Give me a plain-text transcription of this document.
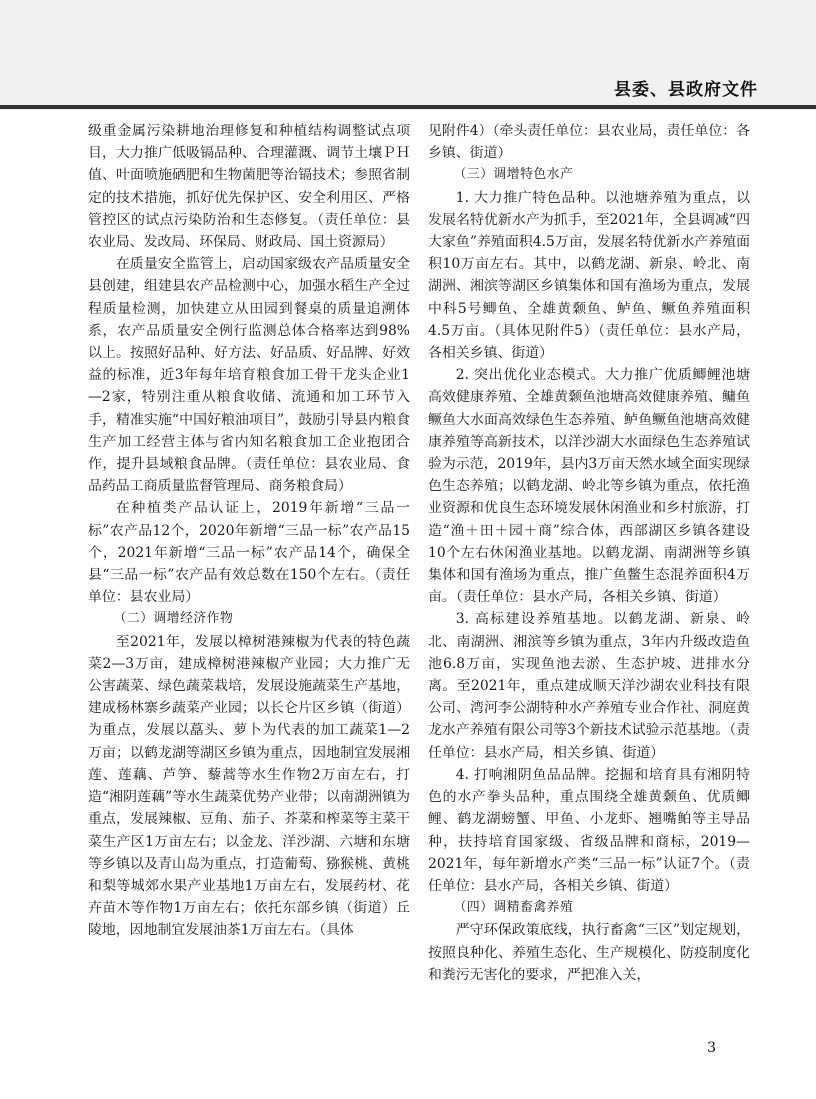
县委、县政府文件

级重金属污染耕地治理修复和种植结构调整试点项目，大力推广低吸镉品种、合理灌溉、调节土壤ＰＨ值、叶面喷施硒肥和生物菌肥等治镉技术；参照省制定的技术措施，抓好优先保护区、安全利用区、严格管控区的试点污染防治和生态修复。（责任单位：县农业局、发改局、环保局、财政局、国土资源局）

在质量安全监管上，启动国家级农产品质量安全县创建，组建县农产品检测中心，加强水稻生产全过程质量检测，加快建立从田园到餐桌的质量追溯体系，农产品质量安全例行监测总体合格率达到98%以上。按照好品种、好方法、好品质、好品牌、好效益的标准，近3年每年培育粮食加工骨干龙头企业1—2家，特别注重从粮食收储、流通和加工环节入手，精准实施“中国好粮油项目”，鼓励引导县内粮食生产加工经营主体与省内知名粮食加工企业抱团合作，提升县域粮食品牌。（责任单位：县农业局、食品药品工商质量监督管理局、商务粮食局）

在种植类产品认证上，2019年新增“三品一标”农产品12个，2020年新增“三品一标”农产品15个，2021年新增“三品一标”农产品14个，确保全县“三品一标”农产品有效总数在150个左右。（责任单位：县农业局）

（二）调增经济作物

至2021年，发展以樟树港辣椒为代表的特色蔬菜2—3万亩，建成樟树港辣椒产业园；大力推广无公害蔬菜、绿色蔬菜栽培，发展设施蔬菜生产基地，建成杨林寨乡蔬菜产业园；以长仑片区乡镇（街道）为重点，发展以藠头、萝卜为代表的加工蔬菜1—2万亩；以鹤龙湖等湖区乡镇为重点，因地制宜发展湘莲、莲藕、芦笋、藜蒿等水生作物2万亩左右，打造“湘阴莲藕”等水生蔬菜优势产业带；以南湖洲镇为重点，发展辣椒、豆角、茄子、芥菜和榨菜等主菜干菜生产区1万亩左右；以金龙、洋沙湖、六塘和东塘等乡镇以及青山岛为重点，打造葡萄、猕猴桃、黄桃和梨等城郊水果产业基地1万亩左右，发展药材、花卉苗木等作物1万亩左右；依托东部乡镇（街道）丘陵地，因地制宜发展油茶1万亩左右。（具体

见附件4）（牵头责任单位：县农业局，责任单位：各乡镇、街道）

（三）调增特色水产

1. 大力推广特色品种。以池塘养殖为重点，以发展名特优新水产为抓手，至2021年，全县调减“四大家鱼”养殖面积4.5万亩，发展名特优新水产养殖面积10万亩左右。其中，以鹤龙湖、新泉、岭北、南湖洲、湘滨等湖区乡镇集体和国有渔场为重点，发展中科5号鲫鱼、全雄黄颡鱼、鲈鱼、鳜鱼养殖面积4.5万亩。（具体见附件5）（责任单位：县水产局，各相关乡镇、街道）

2. 突出优化业态模式。大力推广优质鲫鲤池塘高效健康养殖、全雄黄颡鱼池塘高效健康养殖、鳙鱼鳜鱼大水面高效绿色生态养殖、鲈鱼鳜鱼池塘高效健康养殖等高新技术，以洋沙湖大水面绿色生态养殖试验为示范，2019年，县内3万亩天然水域全面实现绿色生态养殖；以鹤龙湖、岭北等乡镇为重点，依托渔业资源和优良生态环境发展休闲渔业和乡村旅游，打造“渔＋田＋园＋商”综合体，西部湖区乡镇各建设10个左右休闲渔业基地。以鹤龙湖、南湖洲等乡镇集体和国有渔场为重点，推广鱼鳖生态混养面积4万亩。（责任单位：县水产局，各相关乡镇、街道）

3. 高标建设养殖基地。以鹤龙湖、新泉、岭北、南湖洲、湘滨等乡镇为重点，3年内升级改造鱼池6.8万亩，实现鱼池去淤、生态护坡、进排水分离。至2021年，重点建成顺天洋沙湖农业科技有限公司、湾河李公湖特种水产养殖专业合作社、洞庭黄龙水产养殖有限公司等3个新技术试验示范基地。（责任单位：县水产局，相关乡镇、街道）

4. 打响湘阴鱼品品牌。挖掘和培育具有湘阴特色的水产拳头品种，重点围绕全雄黄颡鱼、优质鲫鲤、鹤龙湖螃蟹、甲鱼、小龙虾、翘嘴鲌等主导品种，扶持培育国家级、省级品牌和商标，2019—2021年，每年新增水产类“三品一标”认证7个。（责任单位：县水产局，各相关乡镇、街道）

（四）调精畜禽养殖

严守环保政策底线，执行畜禽“三区”划定规划，按照良种化、养殖生态化、生产规模化、防疫制度化和粪污无害化的要求，严把准入关，

3
